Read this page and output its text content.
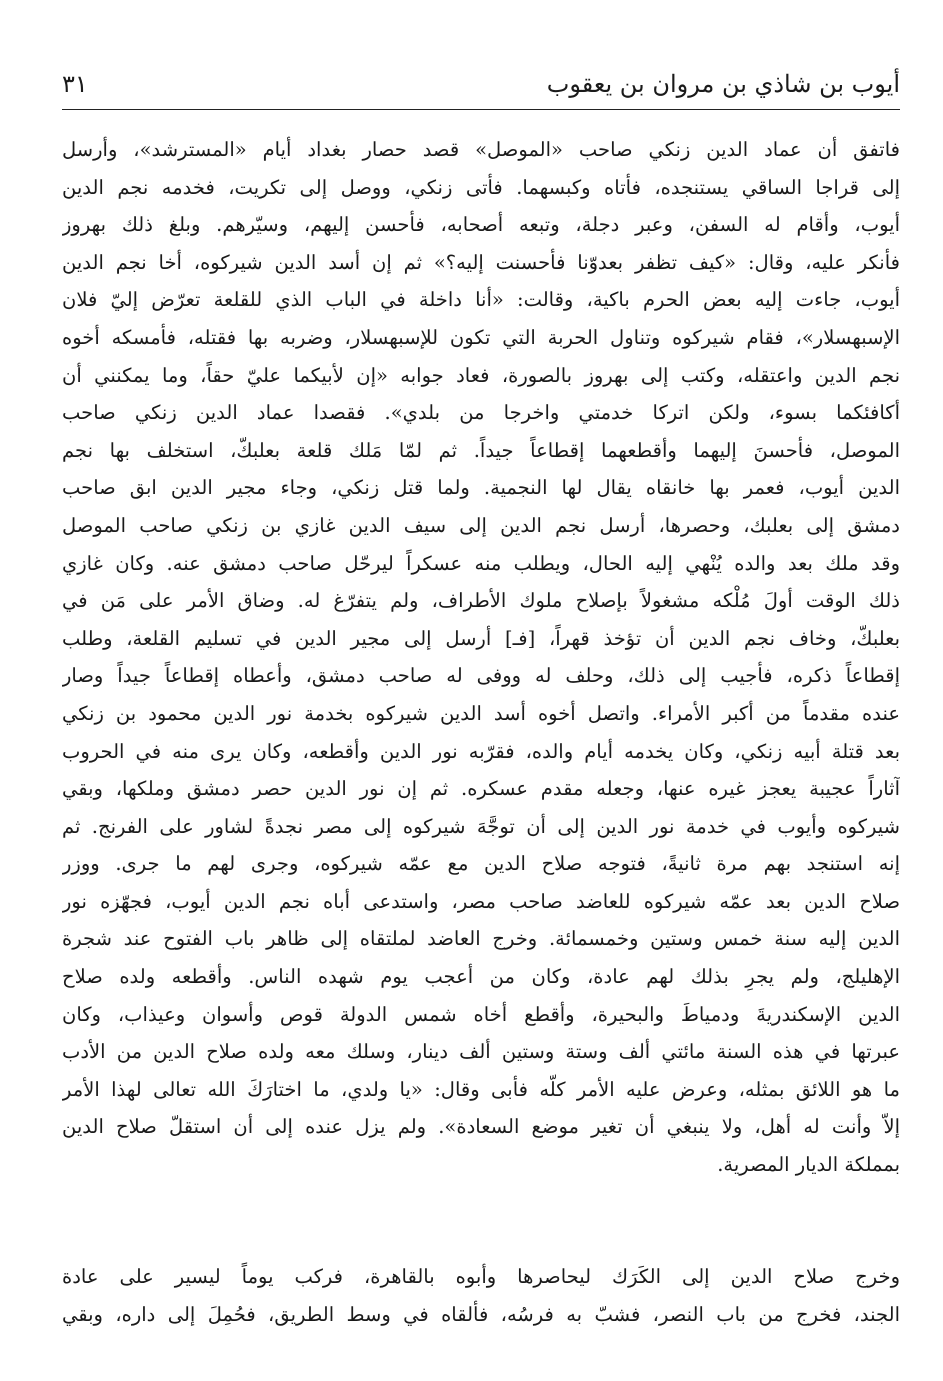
أيوب بن شاذي بن مروان بن يعقوب
٣١
فاتفق أن عماد الدين زنكي صاحب «الموصل» قصد حصار بغداد أيام «المسترشد»، وأرسل
إلى قراجا الساقي يستنجده، فأتاه وكبسهما. فأتى زنكي، ووصل إلى تكريت، فخدمه نجم الدين
أيوب، وأقام له السفن، وعبر دجلة، وتبعه أصحابه، فأحسن إليهم، وسيّرهم. وبلغ ذلك بهروز
فأنكر عليه، وقال: «كيف تظفر بعدوّنا فأحسنت إليه؟» ثم إن أسد الدين شيركوه، أخا نجم الدين
أيوب، جاءت إليه بعض الحرم باكية، وقالت: «أنا داخلة في الباب الذي للقلعة تعرّض إليّ فلان
الإسبهسلار»، فقام شيركوه وتناول الحربة التي تكون للإسبهسلار، وضربه بها فقتله، فأمسكه أخوه
نجم الدين واعتقله، وكتب إلى بهروز بالصورة، فعاد جوابه «إن لأبيكما عليّ حقاً، وما يمكنني أن
أكافئكما بسوء، ولكن اتركا خدمتي واخرجا من بلدي». فقصدا عماد الدين زنكي صاحب
الموصل، فأحسنَ إليهما وأقطعهما إقطاعاً جيداً. ثم لمّا مَلك قلعة بعلبكّ، استخلف بها نجم
الدين أيوب، فعمر بها خانقاه يقال لها النجمية. ولما قتل زنكي، وجاء مجير الدين ابق صاحب
دمشق إلى بعلبك، وحصرها، أرسل نجم الدين إلى سيف الدين غازي بن زنكي صاحب الموصل
وقد ملك بعد والده يُنْهي إليه الحال، ويطلب منه عسكراً ليرحّل صاحب دمشق عنه. وكان غازي
ذلك الوقت أولَ مُلْكه مشغولاً بإصلاح ملوك الأطراف، ولم يتفرّغ له. وضاق الأمر على مَن في
بعلبكّ، وخاف نجم الدين أن تؤخذ قهراً، [فـ] أرسل إلى مجير الدين في تسليم القلعة، وطلب
إقطاعاً ذكره، فأجيب إلى ذلك، وحلف له ووفى له صاحب دمشق، وأعطاه إقطاعاً جيداً وصار
عنده مقدماً من أكبر الأمراء. واتصل أخوه أسد الدين شيركوه بخدمة نور الدين محمود بن زنكي
بعد قتلة أبيه زنكي، وكان يخدمه أيام والده، فقرّبه نور الدين وأقطعه، وكان يرى منه في الحروب
آثاراً عجيبة يعجز غيره عنها، وجعله مقدم عسكره. ثم إن نور الدين حصر دمشق وملكها، وبقي
شيركوه وأيوب في خدمة نور الدين إلى أن توجَّهَ شيركوه إلى مصر نجدةً لشاور على الفرنج. ثم
إنه استنجد بهم مرة ثانيةً، فتوجه صلاح الدين مع عمّه شيركوه، وجرى لهم ما جرى. ووزر
صلاح الدين بعد عمّه شيركوه للعاضد صاحب مصر، واستدعى أباه نجم الدين أيوب، فجهّزه نور
الدين إليه سنة خمس وستين وخمسمائة. وخرج العاضد لملتقاه إلى ظاهر باب الفتوح عند شجرة
الإهليلج، ولم يجرِ بذلك لهم عادة، وكان من أعجب يوم شهده الناس. وأقطعه ولده صلاح
الدين الإسكندريةَ ودمياطَ والبحيرة، وأقطع أخاه شمس الدولة قوص وأسوان وعيذاب، وكان
عبرتها في هذه السنة مائتي ألف وستة وستين ألف دينار، وسلك معه ولده صلاح الدين من الأدب
ما هو اللائق بمثله، وعرض عليه الأمر كلّه فأبى وقال: «يا ولدي، ما اختارَكَ الله تعالى لهذا الأمر
إلاّ وأنت له أهل، ولا ينبغي أن تغير موضع السعادة». ولم يزل عنده إلى أن استقلّ صلاح الدين
بمملكة الديار المصرية.
وخرج صلاح الدين إلى الكَرَك ليحاصرها وأبوه بالقاهرة، فركب يوماً ليسير على عادة
الجند، فخرج من باب النصر، فشبّ به فرسُه، فألقاه في وسط الطريق، فحُمِلَ إلى داره، وبقي
